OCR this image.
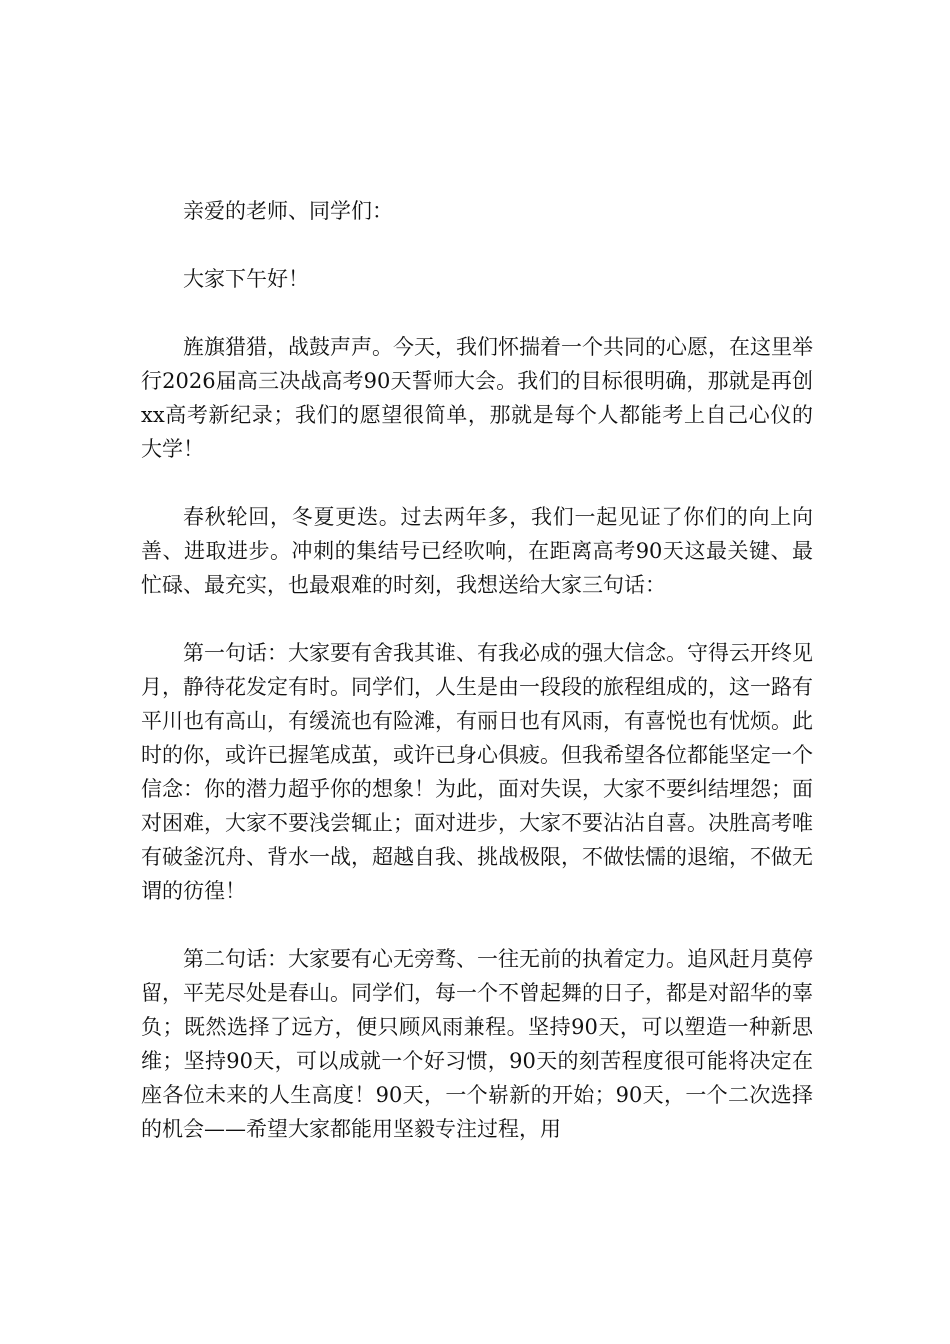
亲爱的老师、同学们：

大家下午好！

旌旗猎猎，战鼓声声。今天，我们怀揣着一个共同的心愿，在这里举行2026届高三决战高考90天誓师大会。我们的目标很明确，那就是再创xx高考新纪录；我们的愿望很简单，那就是每个人都能考上自己心仪的大学！

春秋轮回，冬夏更迭。过去两年多，我们一起见证了你们的向上向善、进取进步。冲刺的集结号已经吹响，在距离高考90天这最关键、最忙碌、最充实，也最艰难的时刻，我想送给大家三句话：

第一句话：大家要有舍我其谁、有我必成的强大信念。守得云开终见月，静待花发定有时。同学们，人生是由一段段的旅程组成的，这一路有平川也有高山，有缓流也有险滩，有丽日也有风雨，有喜悦也有忧烦。此时的你，或许已握笔成茧，或许已身心俱疲。但我希望各位都能坚定一个信念：你的潜力超乎你的想象！为此，面对失误，大家不要纠结埋怨；面对困难，大家不要浅尝辄止；面对进步，大家不要沾沾自喜。决胜高考唯有破釜沉舟、背水一战，超越自我、挑战极限，不做怯懦的退缩，不做无谓的彷徨！

第二句话：大家要有心无旁骛、一往无前的执着定力。追风赶月莫停留，平芜尽处是春山。同学们，每一个不曾起舞的日子，都是对韶华的辜负；既然选择了远方，便只顾风雨兼程。坚持90天，可以塑造一种新思维；坚持90天，可以成就一个好习惯，90天的刻苦程度很可能将决定在座各位未来的人生高度！90天，一个崭新的开始；90天，一个二次选择的机会——希望大家都能用坚毅专注过程，用
